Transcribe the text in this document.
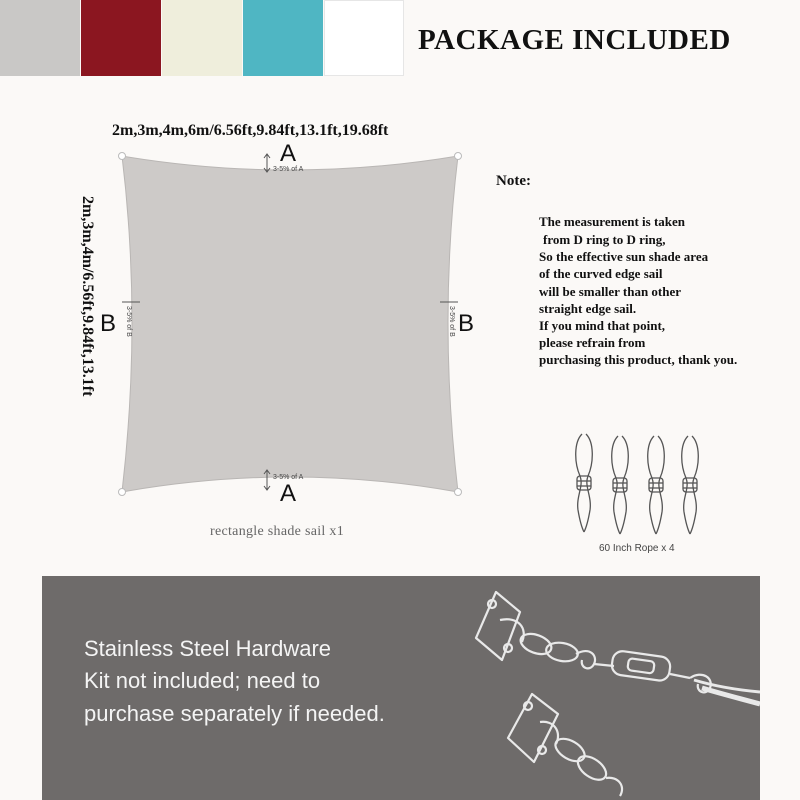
PACKAGE INCLUDED
2m,3m,4m,6m/6.56ft,9.84ft,13.1ft,19.68ft
2m,3m,4m/6.56ft,9.84ft,13.1ft
A
3-5% of A
A
3-5% of A
B 3-5% of B	B
3-5% of B
rectangle shade sail x1
Note:
The measurement is taken
from D ring to D ring,
So the effective sun shade area
of the curved edge sail
will be smaller than other
straight edge sail.
If you mind that point,
please refrain from
purchasing this product, thank you.
60 Inch Rope x 4
Stainless Steel Hardware
Kit not included; need to
purchase separately if needed.
